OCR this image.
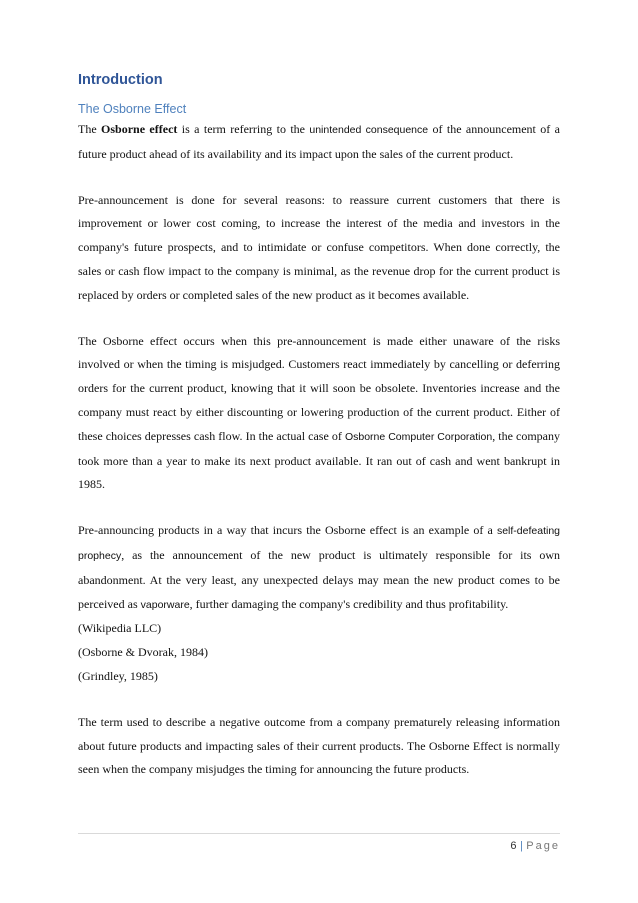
Introduction
The Osborne Effect

The Osborne effect is a term referring to the unintended consequence of the announcement of a future product ahead of its availability and its impact upon the sales of the current product.

Pre-announcement is done for several reasons: to reassure current customers that there is improvement or lower cost coming, to increase the interest of the media and investors in the company's future prospects, and to intimidate or confuse competitors. When done correctly, the sales or cash flow impact to the company is minimal, as the revenue drop for the current product is replaced by orders or completed sales of the new product as it becomes available.

The Osborne effect occurs when this pre-announcement is made either unaware of the risks involved or when the timing is misjudged. Customers react immediately by cancelling or deferring orders for the current product, knowing that it will soon be obsolete. Inventories increase and the company must react by either discounting or lowering production of the current product. Either of these choices depresses cash flow. In the actual case of Osborne Computer Corporation, the company took more than a year to make its next product available. It ran out of cash and went bankrupt in 1985.

Pre-announcing products in a way that incurs the Osborne effect is an example of a self-defeating prophecy, as the announcement of the new product is ultimately responsible for its own abandonment. At the very least, any unexpected delays may mean the new product comes to be perceived as vaporware, further damaging the company's credibility and thus profitability.

(Wikipedia LLC)
(Osborne & Dvorak, 1984)
(Grindley, 1985)

The term used to describe a negative outcome from a company prematurely releasing information about future products and impacting sales of their current products. The Osborne Effect is normally seen when the company misjudges the timing for announcing the future products.

6 | Page
